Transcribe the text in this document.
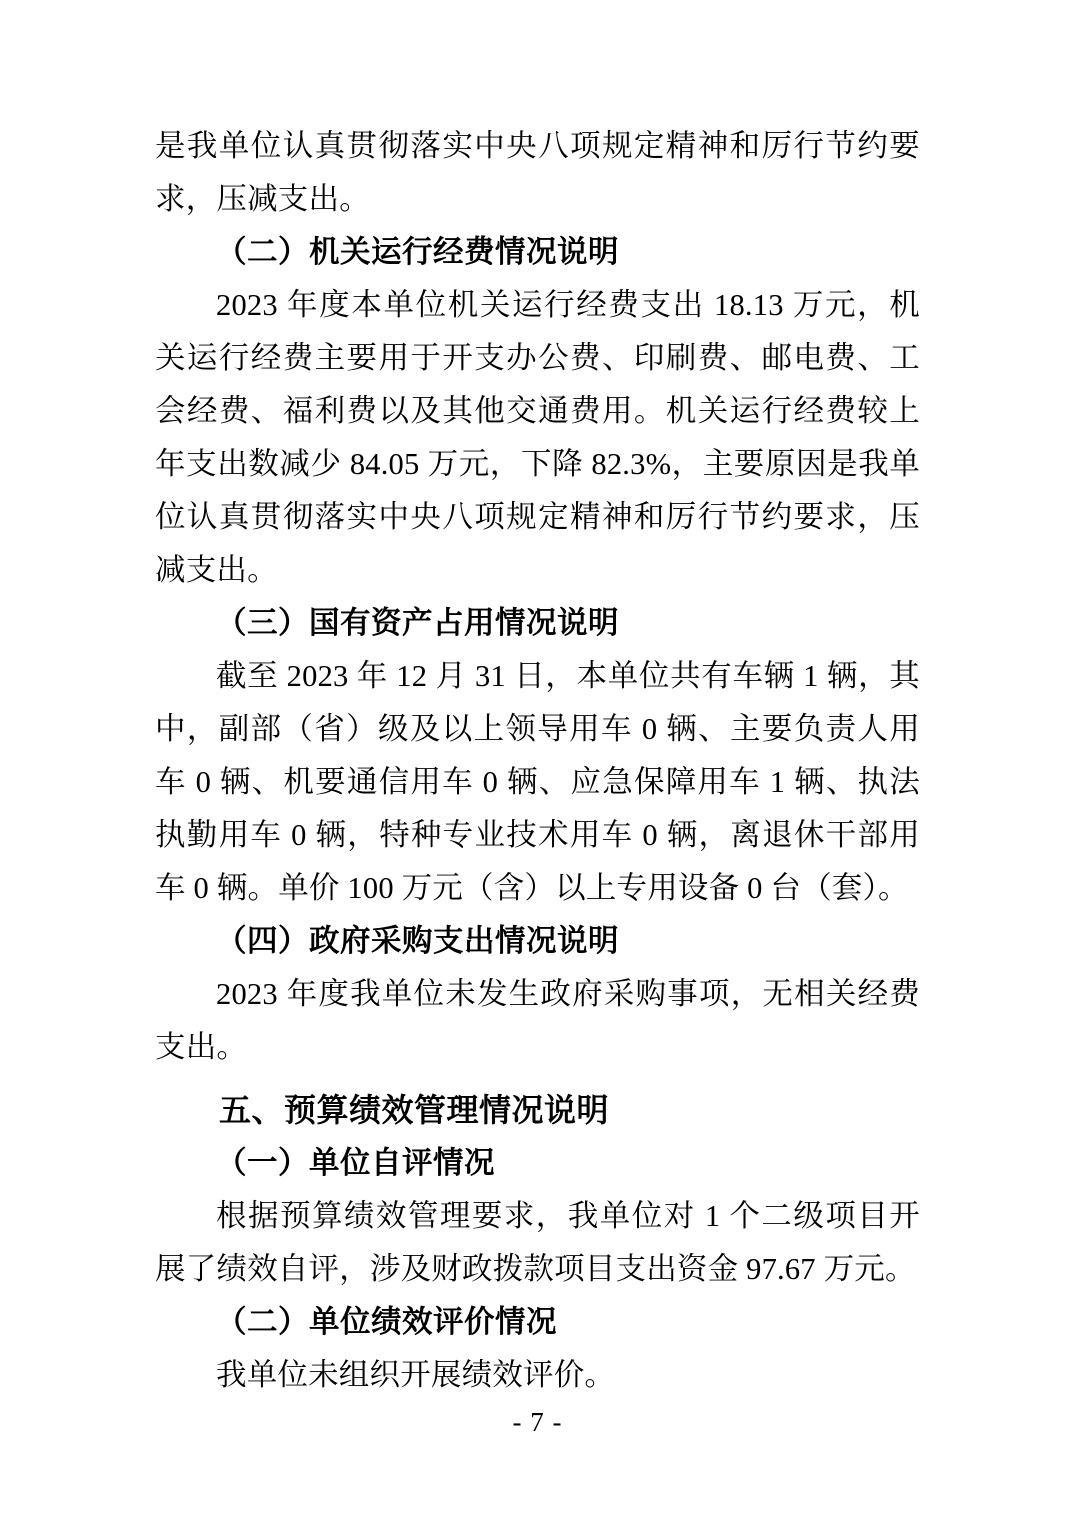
是我单位认真贯彻落实中央八项规定精神和厉行节约要求，压减支出。

（二）机关运行经费情况说明

2023 年度本单位机关运行经费支出 18.13 万元，机关运行经费主要用于开支办公费、印刷费、邮电费、工会经费、福利费以及其他交通费用。机关运行经费较上年支出数减少 84.05 万元，下降 82.3%，主要原因是我单位认真贯彻落实中央八项规定精神和厉行节约要求，压减支出。

（三）国有资产占用情况说明

截至 2023 年 12 月 31 日，本单位共有车辆 1 辆，其中，副部（省）级及以上领导用车 0 辆、主要负责人用车 0 辆、机要通信用车 0 辆、应急保障用车 1 辆、执法执勤用车 0 辆，特种专业技术用车 0 辆，离退休干部用车 0 辆。单价 100 万元（含）以上专用设备 0 台（套）。

（四）政府采购支出情况说明

2023 年度我单位未发生政府采购事项，无相关经费支出。

五、预算绩效管理情况说明

（一）单位自评情况

根据预算绩效管理要求，我单位对 1 个二级项目开展了绩效自评，涉及财政拨款项目支出资金 97.67 万元。

（二）单位绩效评价情况

我单位未组织开展绩效评价。

- 7 -
